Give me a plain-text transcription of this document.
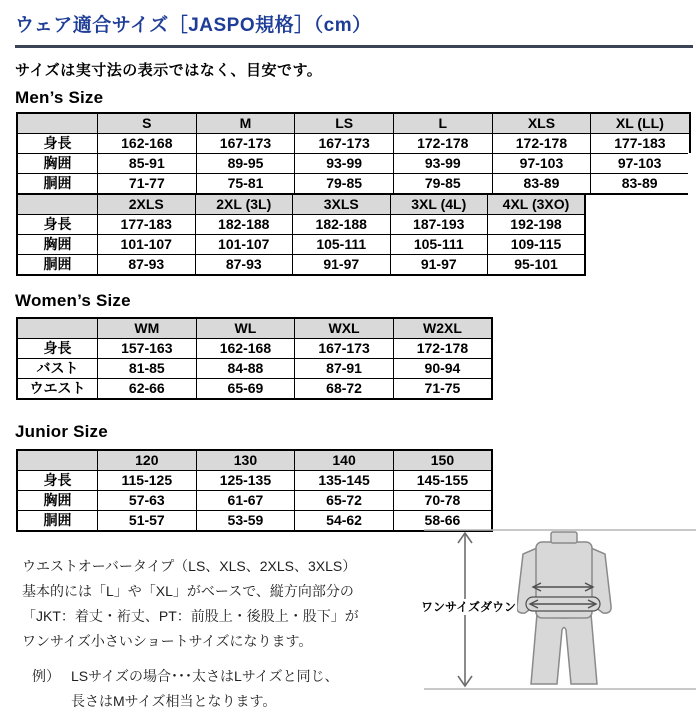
ウェア適合サイズ［JASPO規格］（cm）
サイズは実寸法の表示ではなく、目安です。
Men’s Size
	S	M	LS	L	XLS	XL (LL)
身長	162-168	167-173	167-173	172-178	172-178	177-183
胸囲	85-91	89-95	93-99	93-99	97-103	97-103
胴囲	71-77	75-81	79-85	79-85	83-89	83-89
	2XLS	2XL (3L)	3XLS	3XL (4L)	4XL (3XO)
身長	177-183	182-188	182-188	187-193	192-198
胸囲	101-107	101-107	105-111	105-111	109-115
胴囲	87-93	87-93	91-97	91-97	95-101
Women’s Size
	WM	WL	WXL	W2XL
身長	157-163	162-168	167-173	172-178
バスト	81-85	84-88	87-91	90-94
ウエスト	62-66	65-69	68-72	71-75
Junior Size
	120	130	140	150
身長	115-125	125-135	135-145	145-155
胸囲	57-63	61-67	65-72	70-78
胴囲	51-57	53-59	54-62	58-66
ウエストオーバータイプ（LS、XLS、2XLS、3XLS）
基本的には「L」や「XL」がベースで、縦方向部分の
「JKT：着丈・裄丈、PT：前股上・後股上・股下」が
ワンサイズ小さいショートサイズになります。
例） LSサイズの場合･･･太さはLサイズと同じ、
長さはMサイズ相当となります。
ワンサイズダウン
